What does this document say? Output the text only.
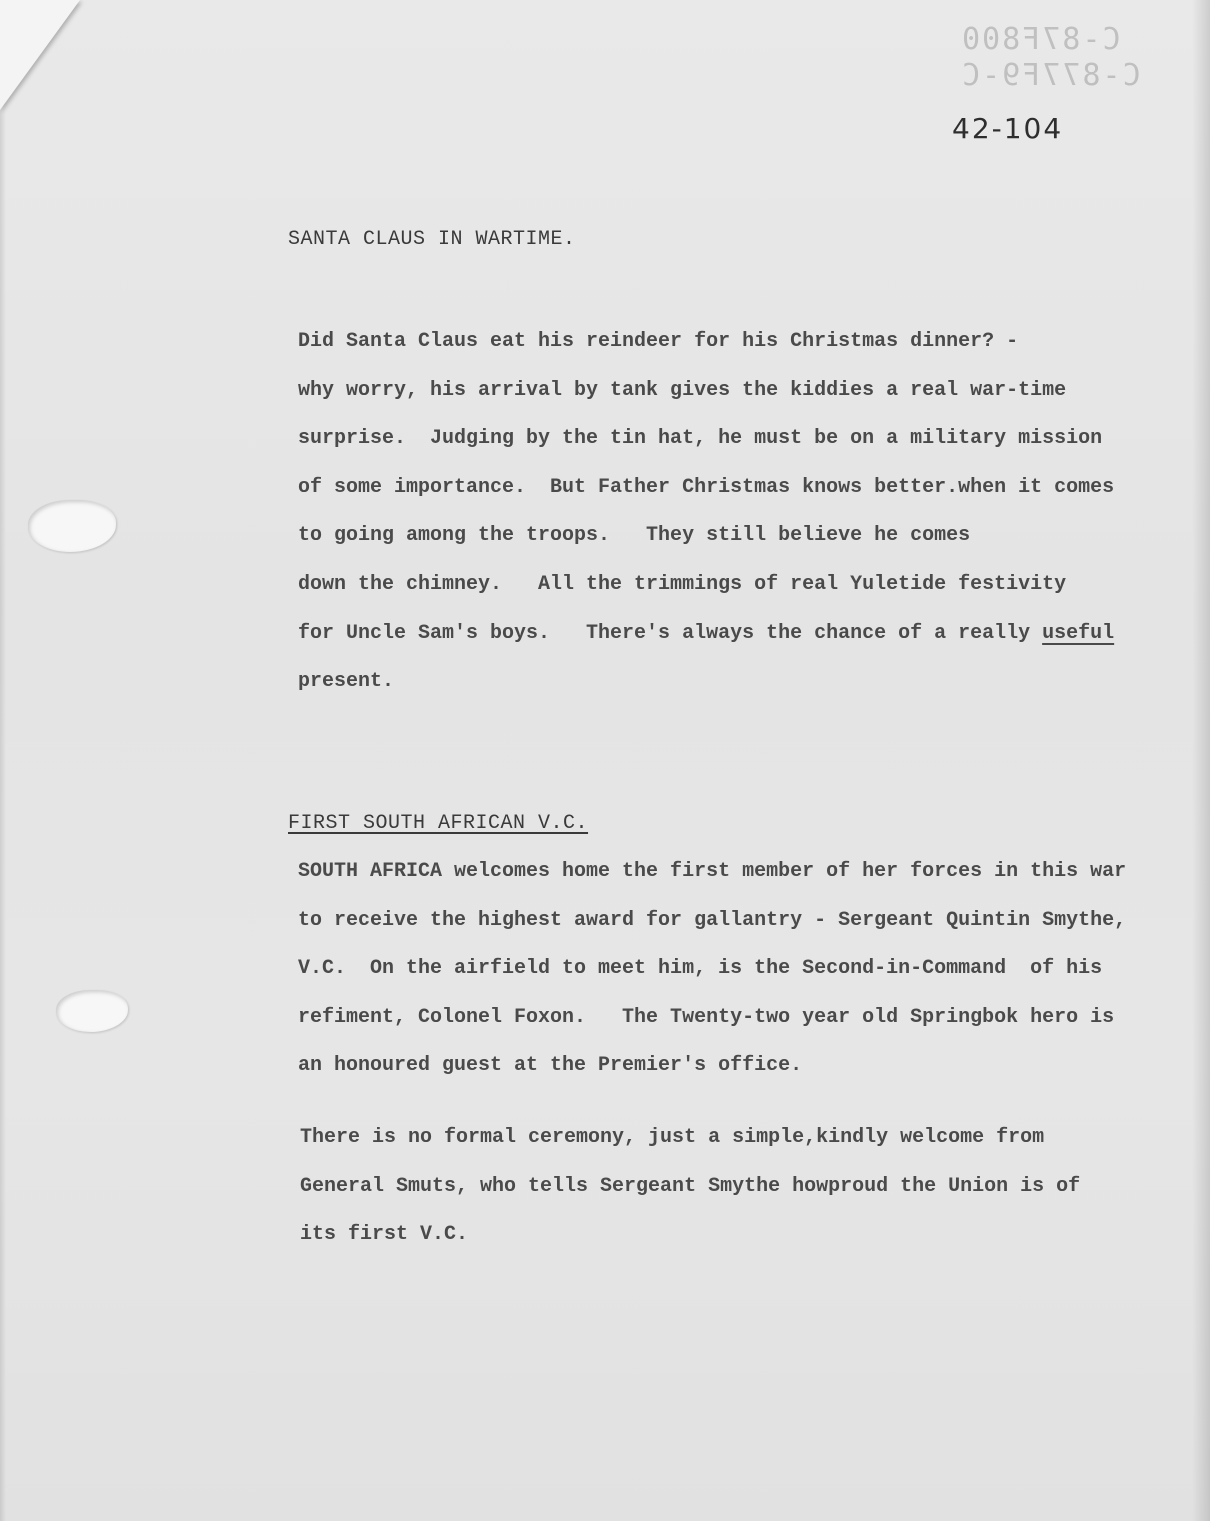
C-87F800
C-877F9-C
42-104
SANTA CLAUS IN WARTIME.

Did Santa Claus eat his reindeer for his Christmas dinner? -
why worry, his arrival by tank gives the kiddies a real war-time
surprise.  Judging by the tin hat, he must be on a military mission
of some importance.  But Father Christmas knows better.when it comes
to going among the troops.   They still believe he comes
down the chimney.   All the trimmings of real Yuletide festivity
for Uncle Sam's boys.   There's always the chance of a really useful
present.

FIRST SOUTH AFRICAN V.C.

SOUTH AFRICA welcomes home the first member of her forces in this war
to receive the highest award for gallantry - Sergeant Quintin Smythe,
V.C.  On the airfield to meet him, is the Second-in-Command  of his
refiment, Colonel Foxon.   The Twenty-two year old Springbok hero is
an honoured guest at the Premier's office.

There is no formal ceremony, just a simple,kindly welcome from
General Smuts, who tells Sergeant Smythe howproud the Union is of
its first V.C.
